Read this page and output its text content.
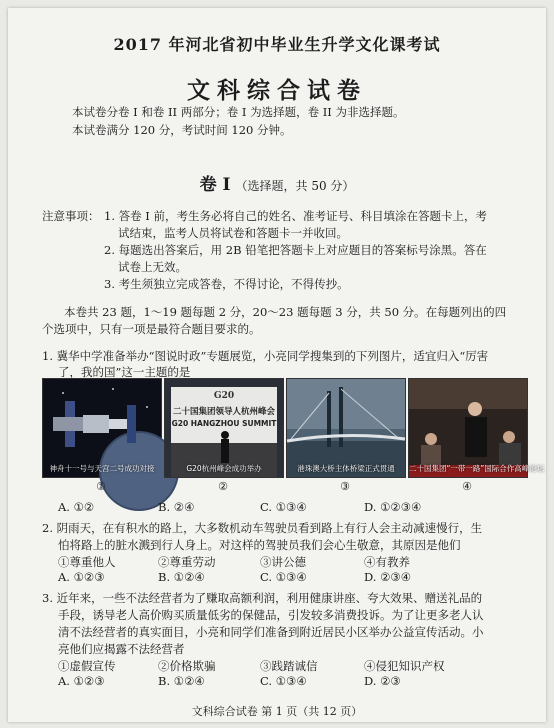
2017 年河北省初中毕业生升学文化课考试
文科综合试卷
本试卷分卷 I 和卷 II 两部分；卷 I 为选择题，卷 II 为非选择题。
本试卷满分 120 分，考试时间 120 分钟。
卷 I （选择题，共 50 分）
注意事项： 1. 答卷 I 前，考生务必将自己的姓名、准考证号、科目填涂在答题卡上，考
试结束，监考人员将试卷和答题卡一并收回。
2. 每题选出答案后，用 2B 铅笔把答题卡上对应题目的答案标号涂黑。答在
试卷上无效。
3. 考生须独立完成答卷，不得讨论，不得传抄。
本卷共 23 题，1～19 题每题 2 分，20～23 题每题 3 分，共 50 分。在每题列出的四
个选项中，只有一项是最符合题目要求的。
1. 冀华中学准备举办“图说时政”专题展览，小亮同学搜集到的下列图片，适宜归入“厉害
了，我的国”这一主题的是
神舟十一号与天宫二号成功对接
①
G20
二十国集团领导人杭州峰会
G20 HANGZHOU SUMMIT
G20杭州峰会成功举办
②
港珠澳大桥主体桥梁正式贯通
③
二十国集团“一带一路”国际合作高峰论坛
④
A. ①②	B. ②④	C. ①③④	D. ①②③④
2. 阴雨天，在有积水的路上，大多数机动车驾驶员看到路上有行人会主动减速慢行，生
怕将路上的脏水溅到行人身上。对这样的驾驶员我们会心生敬意，其原因是他们
①尊重他人	②尊重劳动	③讲公德	④有教养
A. ①②③	B. ①②④	C. ①③④	D. ②③④
3. 近年来，一些不法经营者为了赚取高额利润，利用健康讲座、夸大效果、赠送礼品的
手段，诱导老人高价购买质量低劣的保健品，引发较多消费投诉。为了让更多老人认
清不法经营者的真实面目，小亮和同学们准备到附近居民小区举办公益宣传活动。小
亮他们应揭露不法经营者
①虚假宣传	②价格欺骗	③践踏诚信	④侵犯知识产权
A. ①②③	B. ①②④	C. ①③④	D. ②③
文科综合试卷 第 1 页（共 12 页）
